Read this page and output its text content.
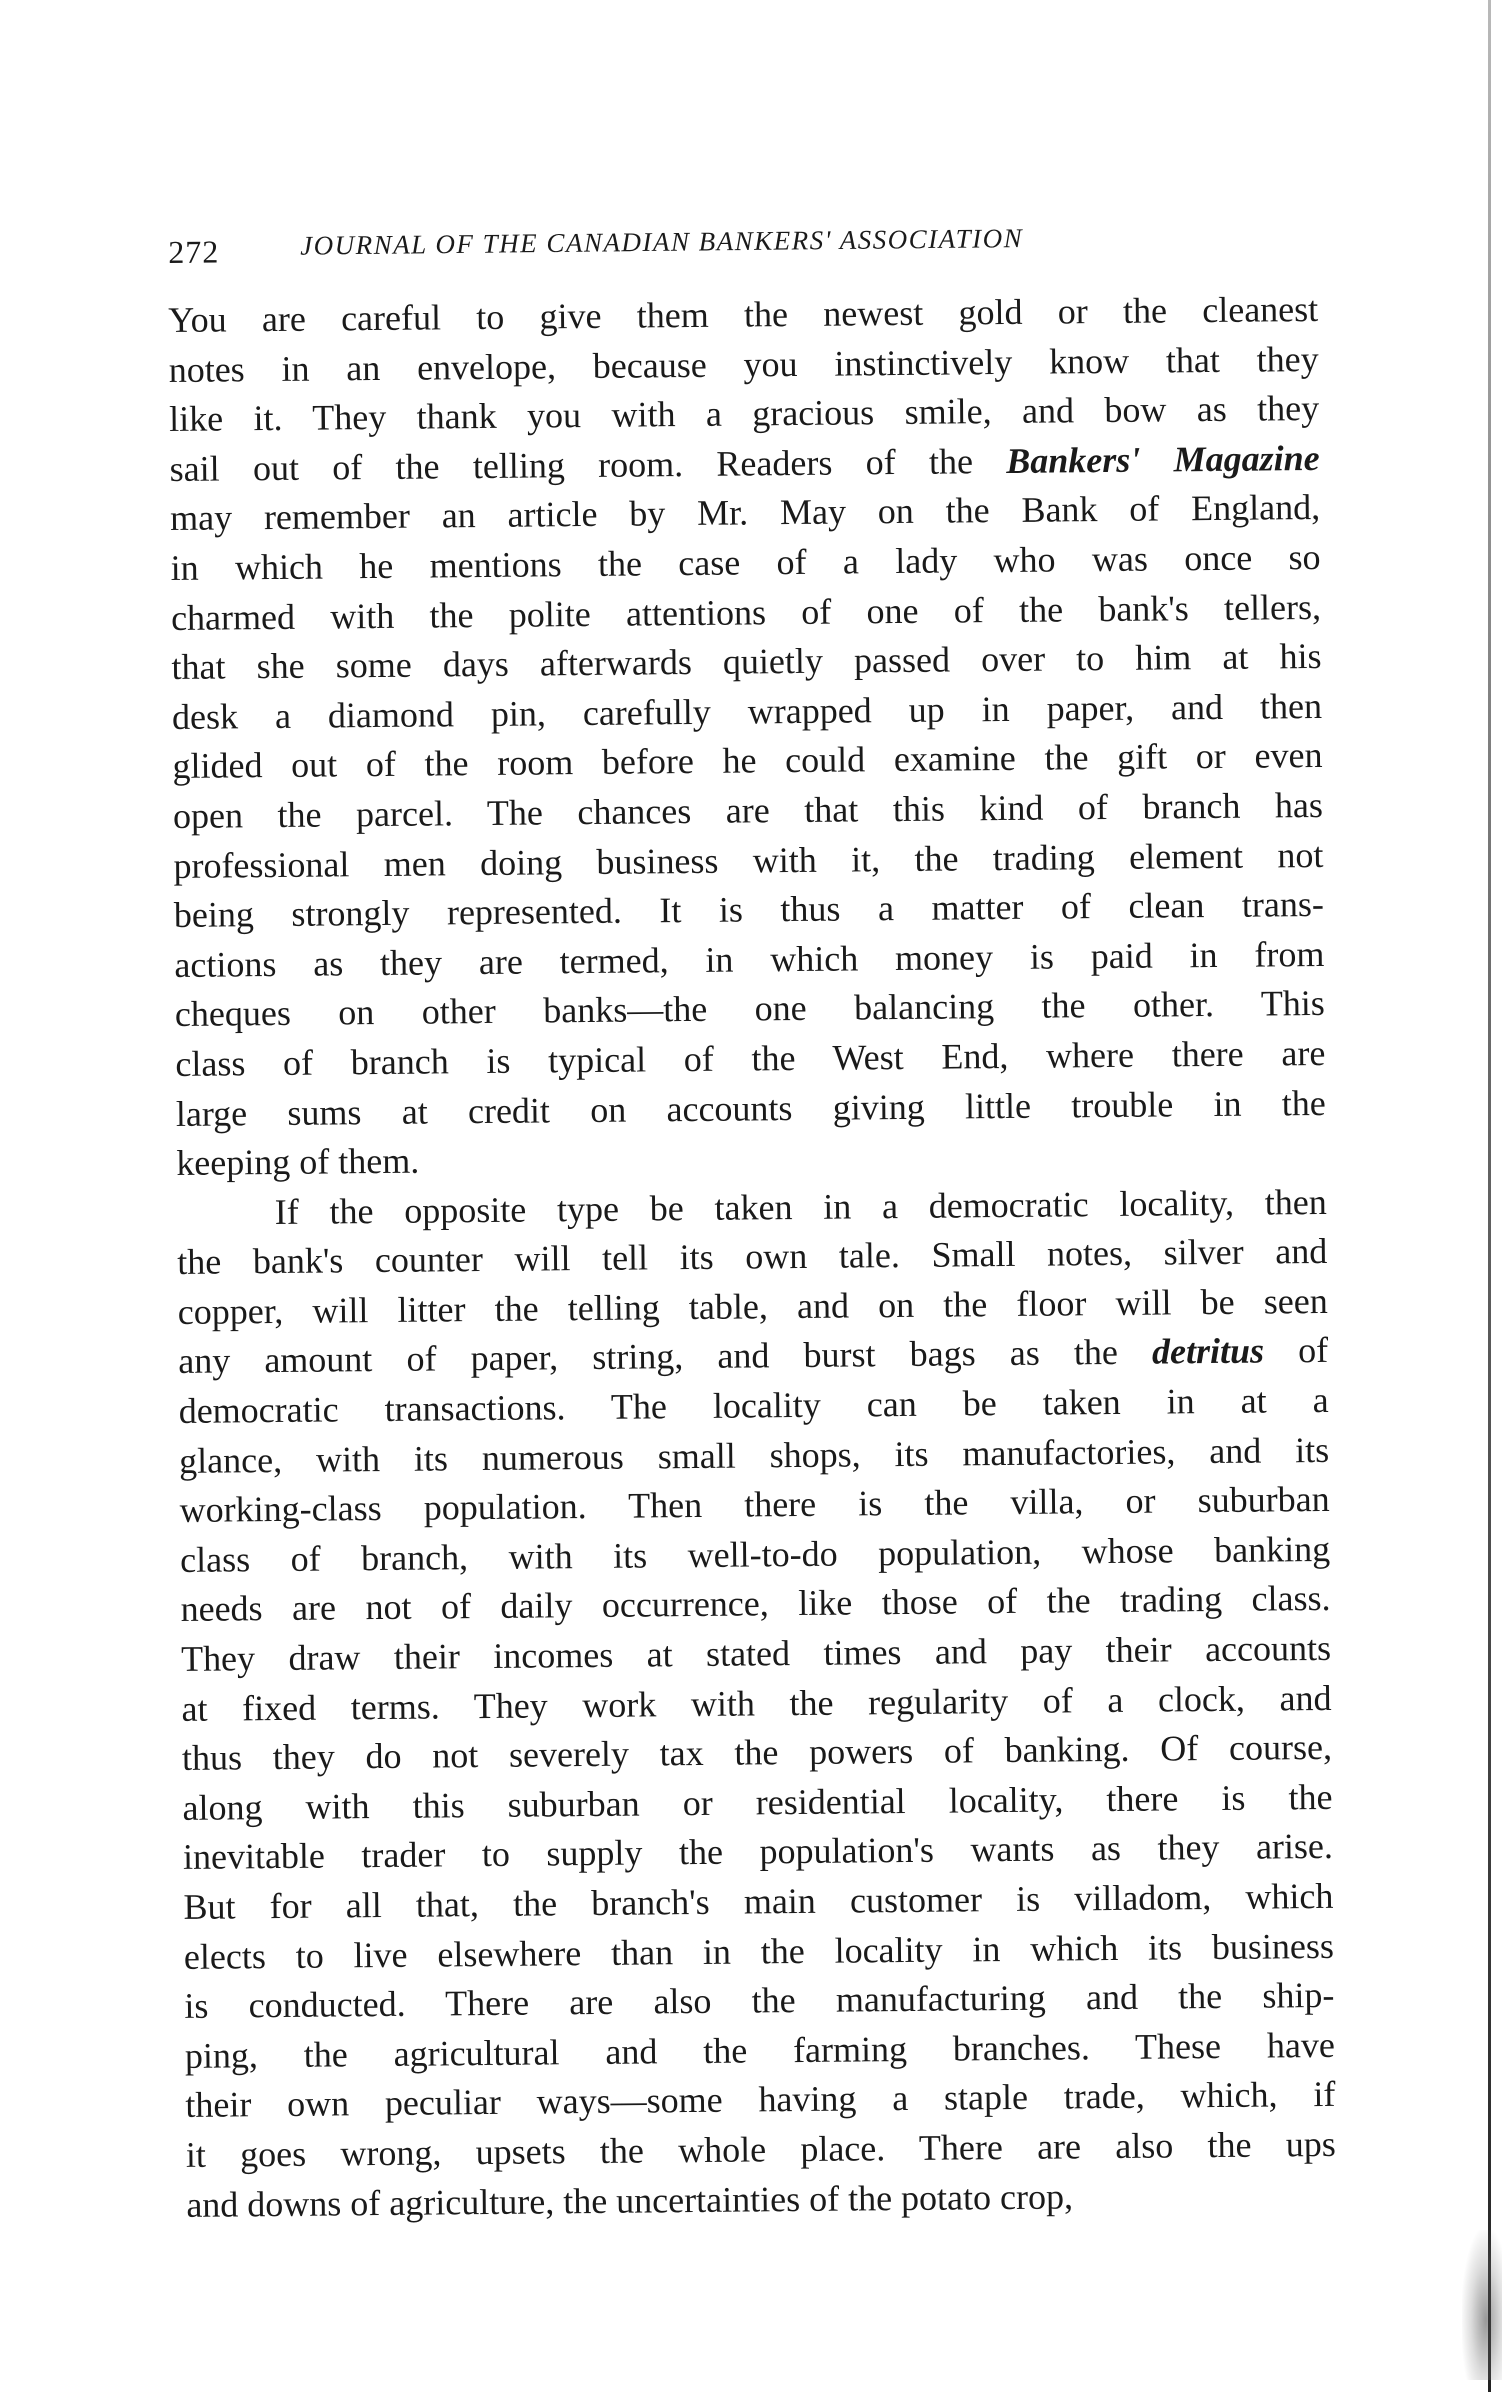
272	JOURNAL OF THE CANADIAN BANKERS' ASSOCIATION
You are careful to give them the newest gold or the cleanest
notes in an envelope, because you instinctively know that they
like it. They thank you with a gracious smile, and bow as they
sail out of the telling room. Readers of the Bankers' Magazine
may remember an article by Mr. May on the Bank of England,
in which he mentions the case of a lady who was once so
charmed with the polite attentions of one of the bank's tellers,
that she some days afterwards quietly passed over to him at his
desk a diamond pin, carefully wrapped up in paper, and then
glided out of the room before he could examine the gift or even
open the parcel. The chances are that this kind of branch has
professional men doing business with it, the trading element not
being strongly represented. It is thus a matter of clean trans-
actions as they are termed, in which money is paid in from
cheques on other banks—the one balancing the other. This
class of branch is typical of the West End, where there are
large sums at credit on accounts giving little trouble in the
keeping of them.
If the opposite type be taken in a democratic locality, then
the bank's counter will tell its own tale. Small notes, silver and
copper, will litter the telling table, and on the floor will be seen
any amount of paper, string, and burst bags as the detritus of
democratic transactions. The locality can be taken in at a
glance, with its numerous small shops, its manufactories, and its
working-class population. Then there is the villa, or suburban
class of branch, with its well-to-do population, whose banking
needs are not of daily occurrence, like those of the trading class.
They draw their incomes at stated times and pay their accounts
at fixed terms. They work with the regularity of a clock, and
thus they do not severely tax the powers of banking. Of course,
along with this suburban or residential locality, there is the
inevitable trader to supply the population's wants as they arise.
But for all that, the branch's main customer is villadom, which
elects to live elsewhere than in the locality in which its business
is conducted. There are also the manufacturing and the ship-
ping, the agricultural and the farming branches. These have
their own peculiar ways—some having a staple trade, which, if
it goes wrong, upsets the whole place. There are also the ups
and downs of agriculture, the uncertainties of the potato crop,
